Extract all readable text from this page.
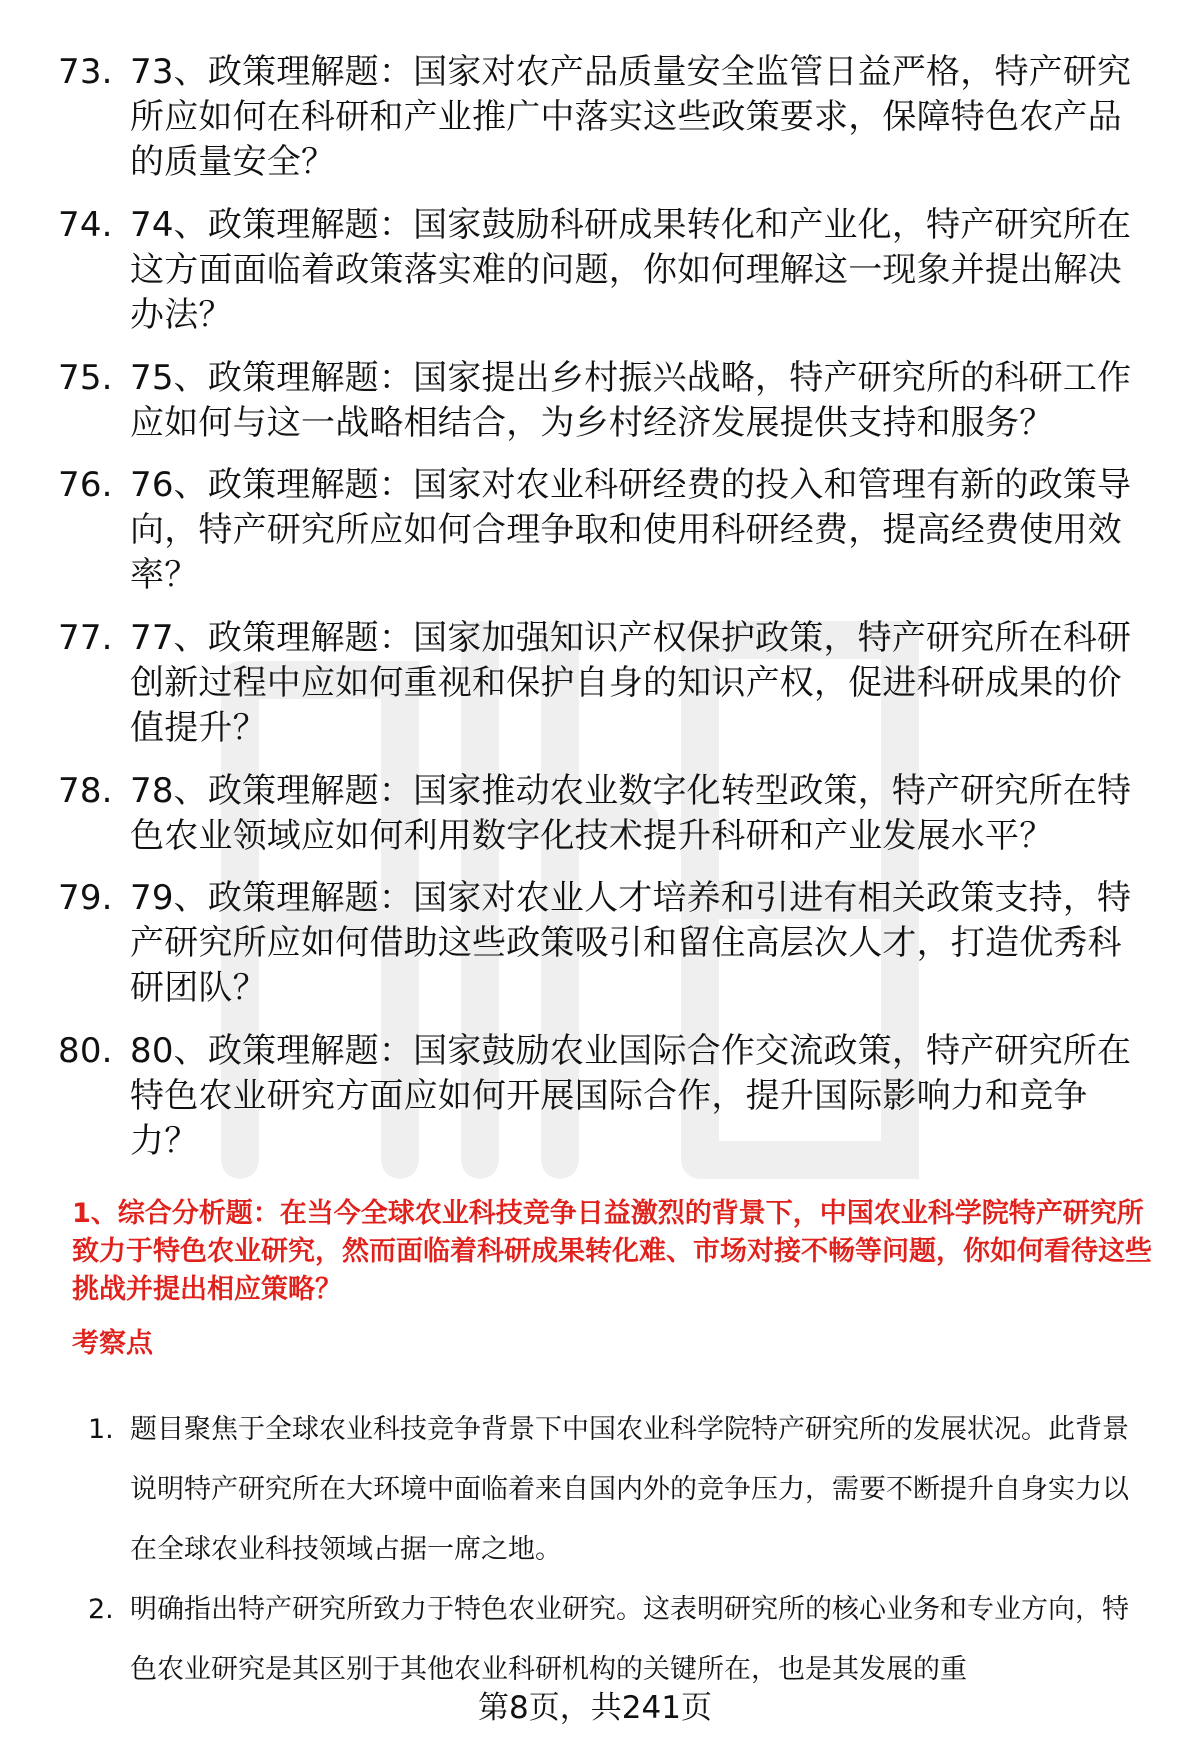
73. 73、政策理解题：国家对农产品质量安全监管日益严格，特产研究所应如何在科研和产业推广中落实这些政策要求，保障特色农产品的质量安全？
74. 74、政策理解题：国家鼓励科研成果转化和产业化，特产研究所在这方面面临着政策落实难的问题，你如何理解这一现象并提出解决办法？
75. 75、政策理解题：国家提出乡村振兴战略，特产研究所的科研工作应如何与这一战略相结合，为乡村经济发展提供支持和服务？
76. 76、政策理解题：国家对农业科研经费的投入和管理有新的政策导向，特产研究所应如何合理争取和使用科研经费，提高经费使用效率？
77. 77、政策理解题：国家加强知识产权保护政策，特产研究所在科研创新过程中应如何重视和保护自身的知识产权，促进科研成果的价值提升？
78. 78、政策理解题：国家推动农业数字化转型政策，特产研究所在特色农业领域应如何利用数字化技术提升科研和产业发展水平？
79. 79、政策理解题：国家对农业人才培养和引进有相关政策支持，特产研究所应如何借助这些政策吸引和留住高层次人才，打造优秀科研团队？
80. 80、政策理解题：国家鼓励农业国际合作交流政策，特产研究所在特色农业研究方面应如何开展国际合作，提升国际影响力和竞争力？

1、综合分析题：在当今全球农业科技竞争日益激烈的背景下，中国农业科学院特产研究所致力于特色农业研究，然而面临着科研成果转化难、市场对接不畅等问题，你如何看待这些挑战并提出相应策略？

考察点
1. 题目聚焦于全球农业科技竞争背景下中国农业科学院特产研究所的发展状况。此背景说明特产研究所在大环境中面临着来自国内外的竞争压力，需要不断提升自身实力以在全球农业科技领域占据一席之地。
2. 明确指出特产研究所致力于特色农业研究。这表明研究所的核心业务和专业方向，特色农业研究是其区别于其他农业科研机构的关键所在，也是其发展的重
第8页，共241页
